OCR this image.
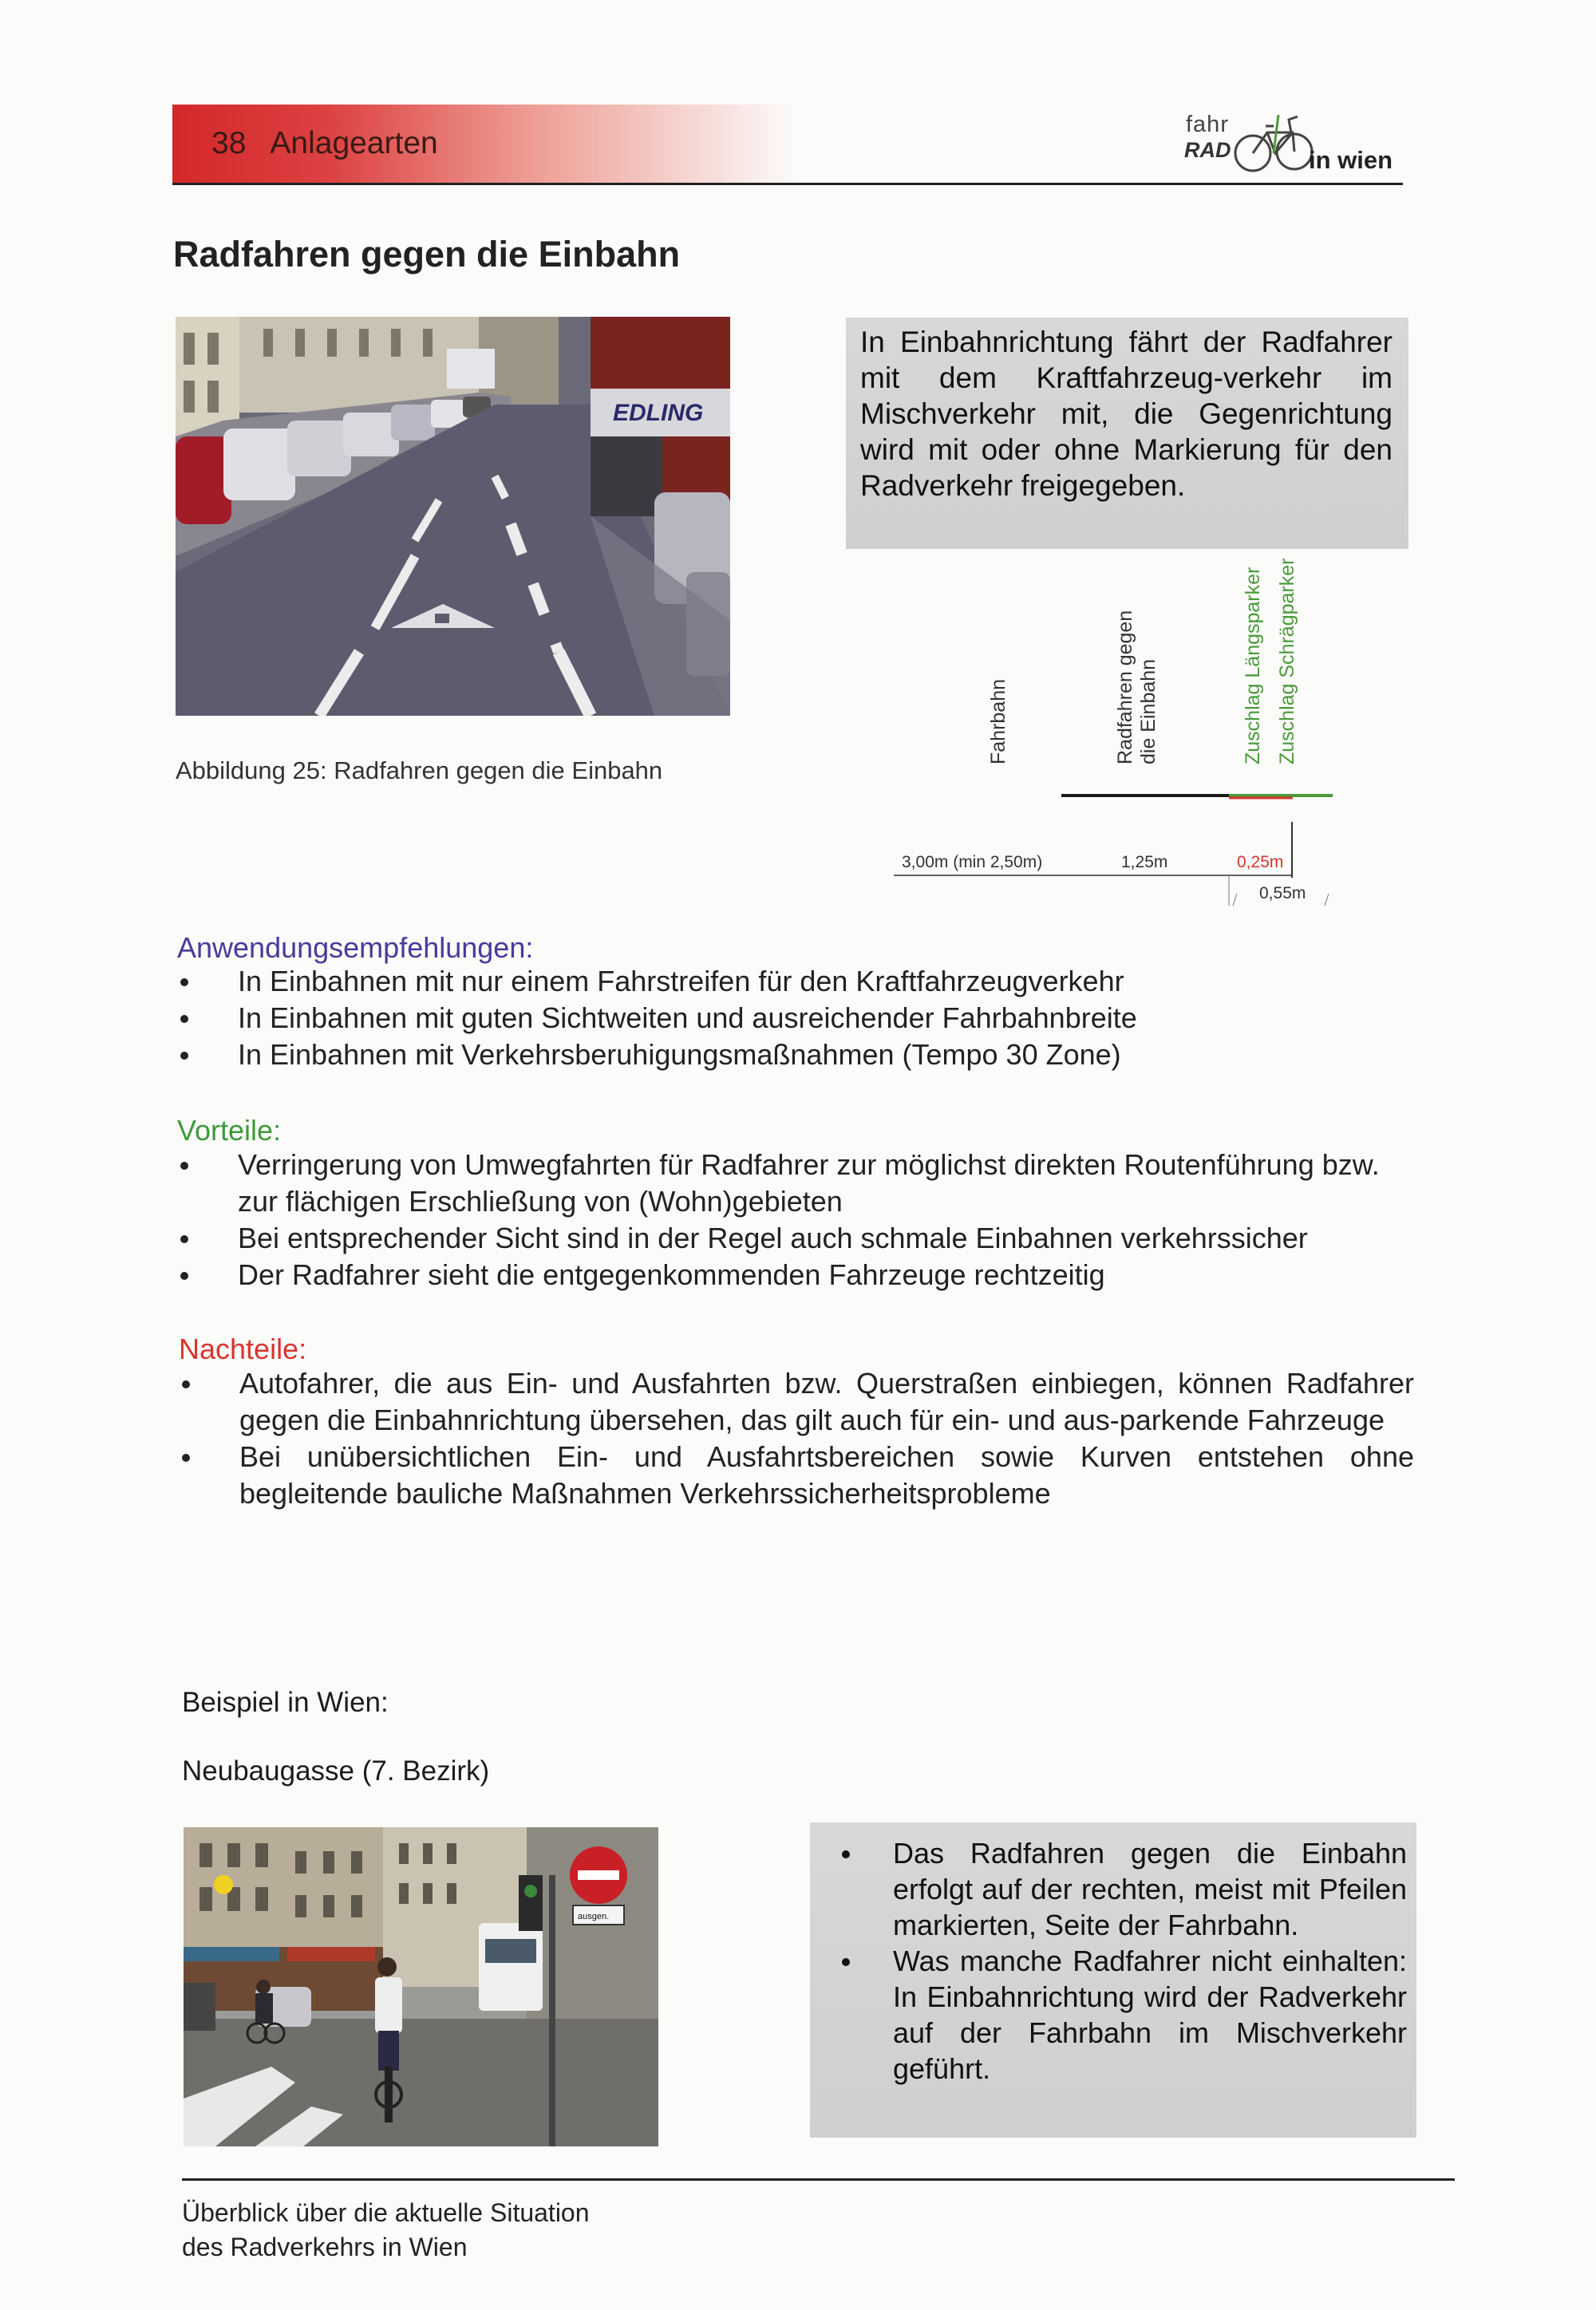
38 Anlagearten
fahr
RAD	in wien
Radfahren gegen die Einbahn
EDLING
Abbildung 25: Radfahren gegen die Einbahn
In Einbahnrichtung fährt der Radfahrer mit dem Kraftfahrzeug-verkehr im Mischverkehr mit, die Gegenrichtung wird mit oder ohne Markierung für den Radverkehr freigegeben.
Fahrbahn	Radfahren gegen die Einbahn	Zuschlag Längsparker Zuschlag Schrägparker
3,00m (min 2,50m)	1,25m	0,25m
0,55m
Anwendungsempfehlungen:
In Einbahnen mit nur einem Fahrstreifen für den Kraftfahrzeugverkehr
In Einbahnen mit guten Sichtweiten und ausreichender Fahrbahnbreite
In Einbahnen mit Verkehrsberuhigungsmaßnahmen (Tempo 30 Zone)
Vorteile:
Verringerung von Umwegfahrten für Radfahrer zur möglichst direkten Routenführung bzw. zur flächigen Erschließung von (Wohn)gebieten
Bei entsprechender Sicht sind in der Regel auch schmale Einbahnen verkehrssicher
Der Radfahrer sieht die entgegenkommenden Fahrzeuge rechtzeitig
Nachteile:
Autofahrer, die aus Ein- und Ausfahrten bzw. Querstraßen einbiegen, können Radfahrer gegen die Einbahnrichtung übersehen, das gilt auch für ein- und aus-parkende Fahrzeuge
Bei unübersichtlichen Ein- und Ausfahrtsbereichen sowie Kurven entstehen ohne begleitende bauliche Maßnahmen Verkehrssicherheitsprobleme
Beispiel in Wien:
Neubaugasse (7. Bezirk)
ausgen.
Das Radfahren gegen die Einbahn erfolgt auf der rechten, meist mit Pfeilen markierten, Seite der Fahrbahn.
Was manche Radfahrer nicht einhalten: In Einbahnrichtung wird der Radverkehr auf der Fahrbahn im Mischverkehr geführt.
Überblick über die aktuelle Situation
des Radverkehrs in Wien
